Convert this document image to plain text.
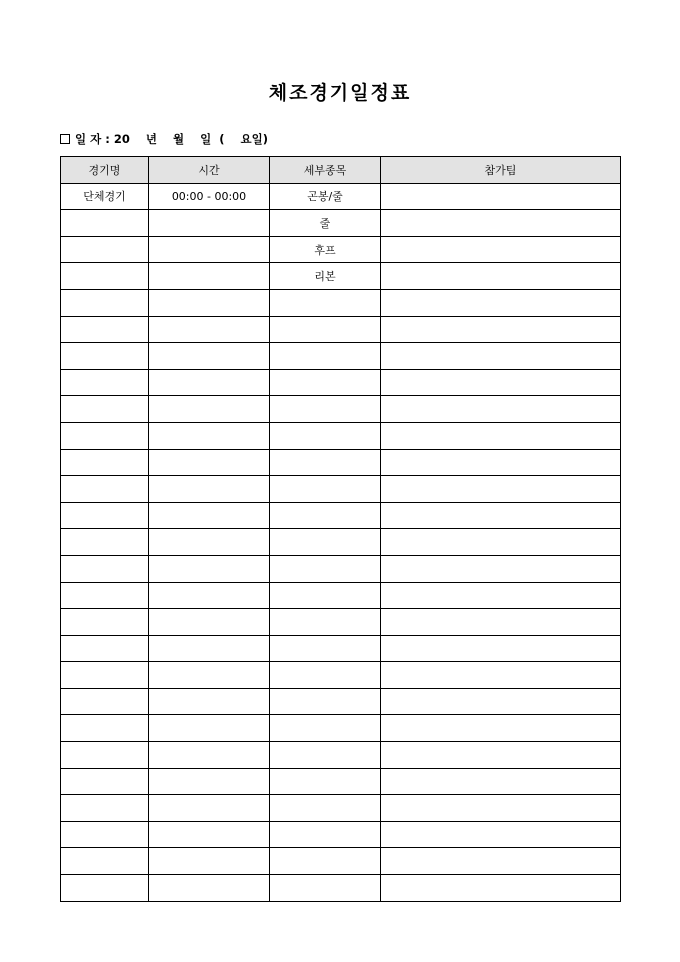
체조경기일정표
일 자 : 20    년    월    일  (    요일)
경기명	시간	세부종목	참가팀
단체경기	00:00 - 00:00	곤봉/줄	
		줄	
		후프	
		리본	
